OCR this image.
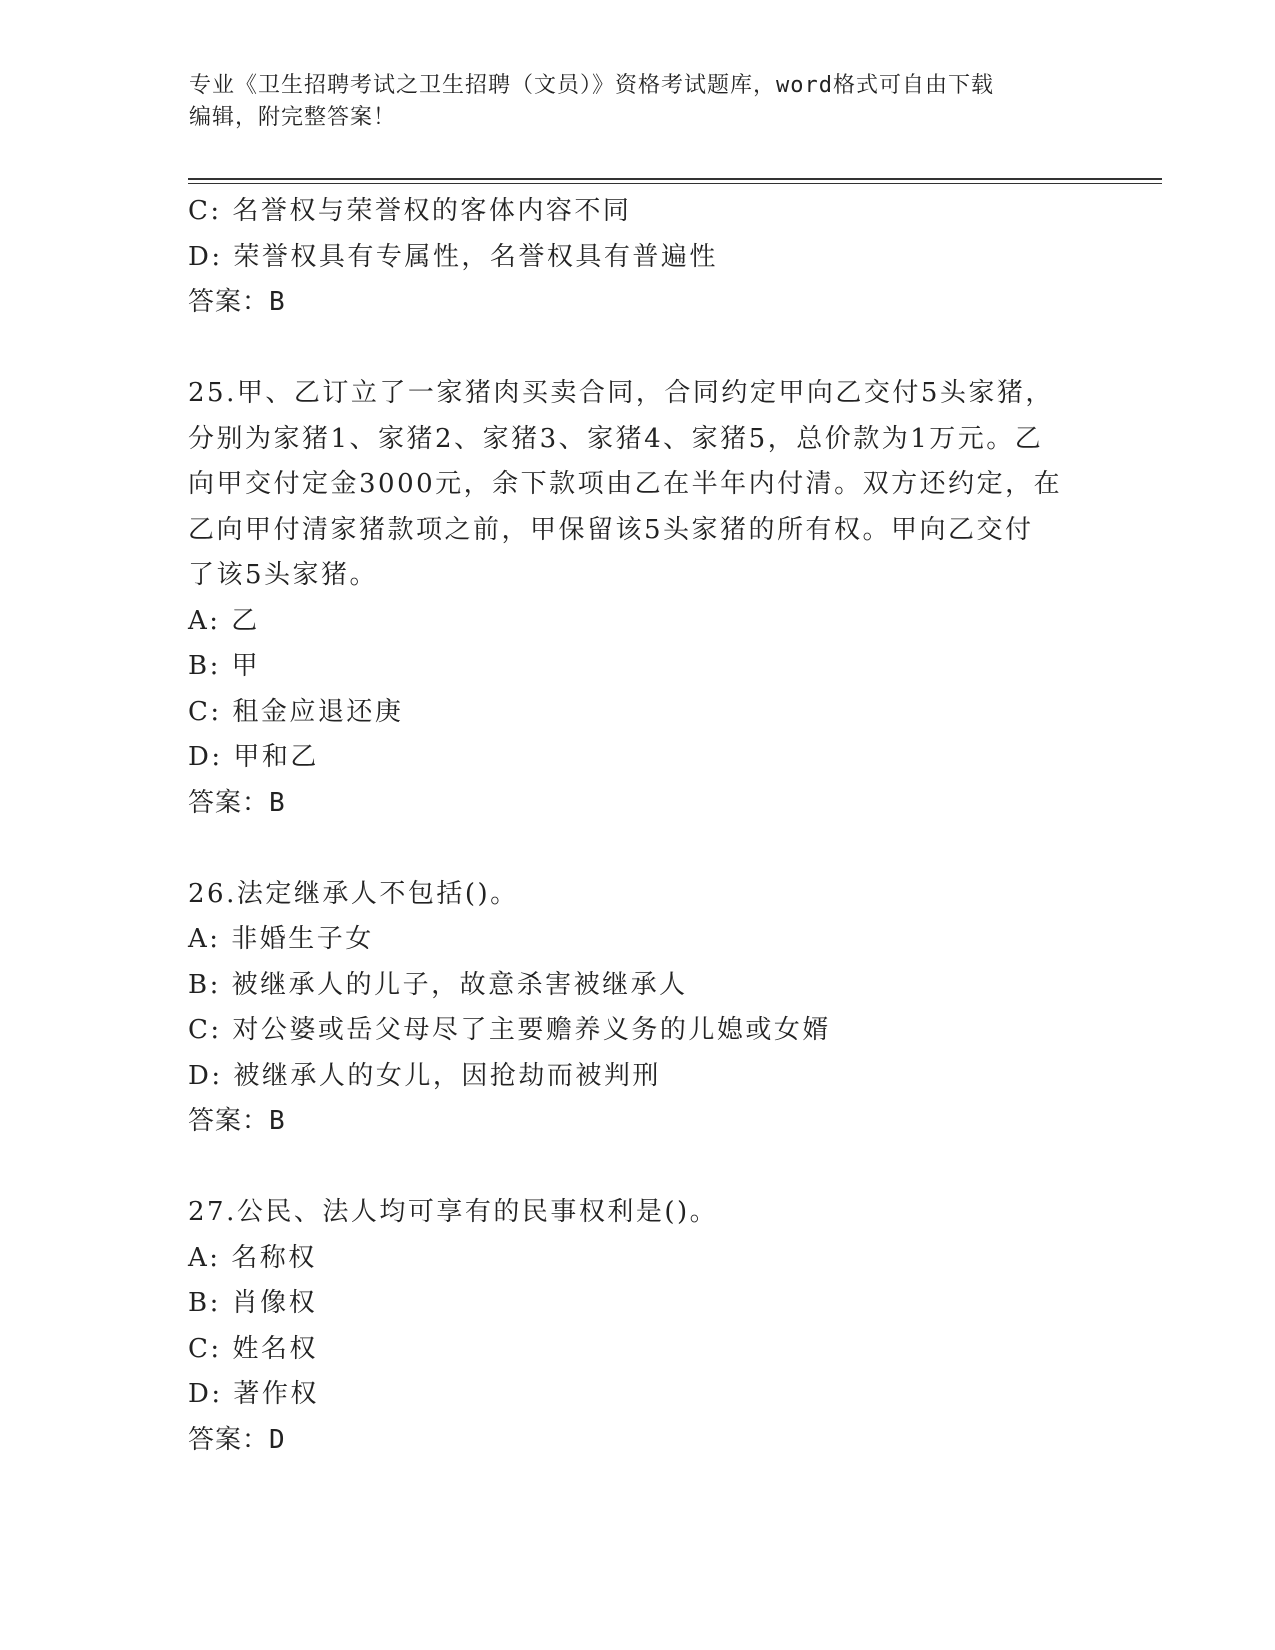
专业《卫生招聘考试之卫生招聘（文员）》资格考试题库，word格式可自由下载
编辑，附完整答案！
C: 名誉权与荣誉权的客体内容不同
D: 荣誉权具有专属性，名誉权具有普遍性
答案：B
25.甲、乙订立了一家猪肉买卖合同，合同约定甲向乙交付5头家猪，
分别为家猪1、家猪2、家猪3、家猪4、家猪5，总价款为1万元。乙
向甲交付定金3000元，余下款项由乙在半年内付清。双方还约定，在
乙向甲付清家猪款项之前，甲保留该5头家猪的所有权。甲向乙交付
了该5头家猪。
A: 乙
B: 甲
C: 租金应退还庚
D: 甲和乙
答案：B
26.法定继承人不包括()。
A: 非婚生子女
B: 被继承人的儿子，故意杀害被继承人
C: 对公婆或岳父母尽了主要赡养义务的儿媳或女婿
D: 被继承人的女儿，因抢劫而被判刑
答案：B
27.公民、法人均可享有的民事权利是()。
A: 名称权
B: 肖像权
C: 姓名权
D: 著作权
答案：D
